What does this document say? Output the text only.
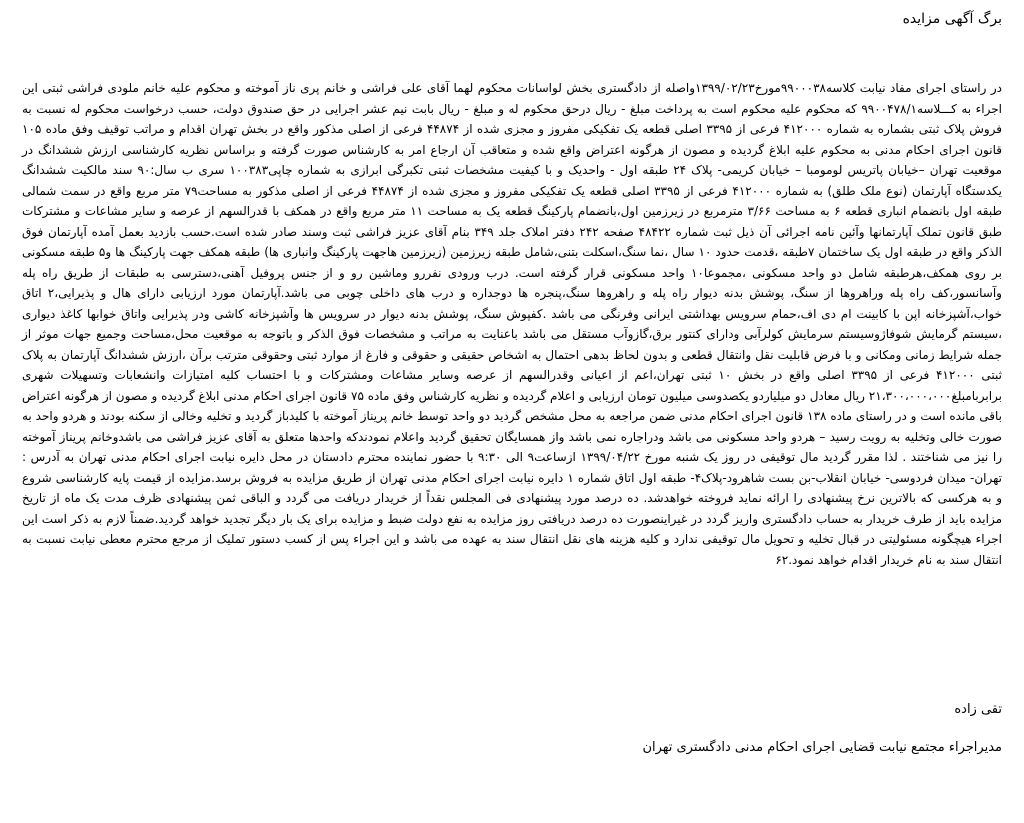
برگ آگهی مزایده

در راستای اجرای مفاد نیابت کلاسه۹۹۰۰۰۳۸مورخ۱۳۹۹/۰۲/۲۳واصله از دادگستری بخش لواسانات محکوم لهما آقای علی فراشی و خانم پری ناز آموخته و محکوم علیه خانم ملودی فراشی ثبتی این اجراء به کـــلاسه۹۹۰۰۴۷۸/۱ که محکوم علیه محکوم است به پرداخت مبلغ - ریال درحق محکوم له و مبلغ - ریال بابت نیم عشر اجرایی در حق صندوق دولت، حسب درخواست محکوم له نسبت به فروش پلاک ثبتی بشماره به شماره ۴۱۲۰۰۰ فرعی از ۳۳۹۵ اصلی قطعه یک تفکیکی مفروز و مجزی شده از ۴۴۸۷۴ فرعی از اصلی مذکور واقع در بخش تهران اقدام و مراتب توقیف وفق ماده ۱۰۵ قانون اجرای احکام مدنی به محکوم علیه ابلاغ گردیده و مصون از هرگونه اعتراض واقع شده و متعاقب آن ارجاع امر به کارشناس صورت گرفته و براساس نظریه کارشناسی ارزش ششدانگ در موقعیت تهران –خیابان پاتریس لومومبا – خیابان کریمی- پلاک ۲۴ طبقه اول - واحدیک و با کیفیت مشخصات ثبتی تکبرگی ابرازی به شماره چاپی۱۰۰۳۸۳ سری ب سال:۹۰ سند مالکیت ششدانگ یکدستگاه آپارتمان (نوع ملک طلق) به شماره ۴۱۲۰۰۰ فرعی از ۳۳۹۵ اصلی قطعه یک تفکیکی مفروز و مجزی شده از ۴۴۸۷۴ فرعی از اصلی مذکور به مساحت۷۹ متر مربع واقع در سمت شمالی طبقه اول بانضمام انباری قطعه ۶ به مساحت ۳/۶۶ مترمربع در زیرزمین اول،بانضمام پارکینگ قطعه یک به مساحت ۱۱ متر مربع واقع در همکف با قدرالسهم از عرصه و سایر مشاعات و مشترکات طبق قانون تملک آپارتمانها وآئین نامه اجرائی آن ذیل ثبت شماره ۴۸۴۲۲ صفحه ۲۴۲ دفتر املاک جلد ۳۴۹ بنام آقای عزیز فراشی ثبت وسند صادر شده است.حسب بازدید بعمل آمده آپارتمان فوق الذکر واقع در طبقه اول یک ساختمان ۷طبقه ،قدمت حدود ۱۰ سال ،نما سنگ،اسکلت بتنی،شامل طبقه زیرزمین (زیرزمین هاجهت پارکینگ وانباری ها) طبقه همکف جهت پارکینگ ها و۵ طبقه مسکونی بر روی همکف،هرطبقه شامل دو واحد مسکونی ،مجموعا۱۰ واحد مسکونی قرار گرفته است. درب ورودی نفررو وماشین رو و از جنس پروفیل آهنی،دسترسی به طبقات از طریق راه پله وآسانسور،کف راه پله وراهروها از سنگ، پوشش بدنه دیوار راه پله و راهروها سنگ،پنجره ها دوجداره و درب های داخلی چوبی می باشد.آپارتمان مورد ارزیابی دارای هال و پذیرایی،۲ اتاق خواب،آشپزخانه اپن با کابینت ام دی اف،حمام سرویس بهداشتی ایرانی وفرنگی می باشد .کفپوش سنگ، پوشش بدنه دیوار در سرویس ها وآشپزخانه کاشی ودر پذیرایی واتاق خوابها کاغذ دیواری ،سیستم گرمایش شوفاژوسیستم سرمایش کولرآبی ودارای کنتور برق،گازوآب مستقل می باشد باعنایت به مراتب و مشخصات فوق الذکر و باتوجه به موقعیت محل،مساحت وجمیع جهات موثر از جمله شرایط زمانی ومکانی و با فرض قابلیت نقل وانتقال قطعی و بدون لحاظ بدهی احتمال به اشخاص حقیقی و حقوقی و فارغ از موارد ثبتی وحقوقی مترتب برآن ،ارزش ششدانگ آپارتمان به پلاک ثبتی ۴۱۲۰۰۰ فرعی از ۳۳۹۵ اصلی واقع در بخش ۱۰ ثبتی تهران،اعم از اعیانی وقدرالسهم از عرصه وسایر مشاعات ومشترکات و با احتساب کلیه امتیازات وانشعابات وتسهیلات شهری برابربامبلغ۲۱،۳۰۰،۰۰۰،۰۰۰ ریال معادل دو میلیاردو یکصدوسی میلیون تومان ارزیابی و اعلام گردیده و نظریه کارشناس وفق ماده ۷۵ قانون اجرای احکام مدنی ابلاغ گردیده و مصون از هرگونه اعتراض باقی مانده است و در راستای ماده ۱۳۸ قانون اجرای احکام مدنی ضمن مراجعه به محل مشخص گردید دو واحد توسط خانم پریناز آموخته با کلیدباز گردید و تخلیه وخالی از سکنه بودند و هردو واحد به صورت خالی وتخلیه به رویت رسید – هردو واحد مسکونی می باشد ودراجاره نمی باشد واز همسایگان تحقیق گردید واعلام نمودندکه واحدها متعلق به آقای عزیز فراشی می باشدوخانم پریناز آموخته را نیز می شناختند . لذا مقرر گردید مال توقیفی در روز یک شنبه مورخ ۱۳۹۹/۰۴/۲۲ ازساعت۹ الی ۹:۳۰ با حضور نماینده محترم دادستان در محل دایره نیابت اجرای احکام مدنی تهران به آدرس : تهران- میدان فردوسی- خیابان انقلاب-بن بست شاهرود-پلاک۴- طبقه اول اتاق شماره ۱ دایره نیابت اجرای احکام مدنی تهران از طریق مزایده به فروش برسد.مزایده از قیمت پایه کارشناسی شروع و به هرکسی که بالاترین نرخ پیشنهادی را ارائه نماید فروخته خواهدشد. ده درصد مورد پیشنهادی فی المجلس نقداً از خریدار دریافت می گردد و الباقی ثمن پیشنهادی ظرف مدت یک ماه از تاریخ مزایده باید از طرف خریدار به حساب دادگستری واریز گردد در غیراینصورت ده درصد دریافتی روز مزایده به نفع دولت ضبط و مزایده برای یک بار دیگر تجدید خواهد گردید.ضمناً لازم به ذکر است این اجراء هیچگونه مسئولیتی در قبال تخلیه و تحویل مال توقیفی ندارد و کلیه هزینه های نقل انتقال سند به عهده می باشد و این اجراء پس از کسب دستور تملیک از مرجع محترم معطی نیابت نسبت به انتقال سند به نام خریدار اقدام خواهد نمود.۶۲

تقی زاده

مدیراجراء مجتمع نیابت قضایی اجرای احکام مدنی دادگستری تهران
